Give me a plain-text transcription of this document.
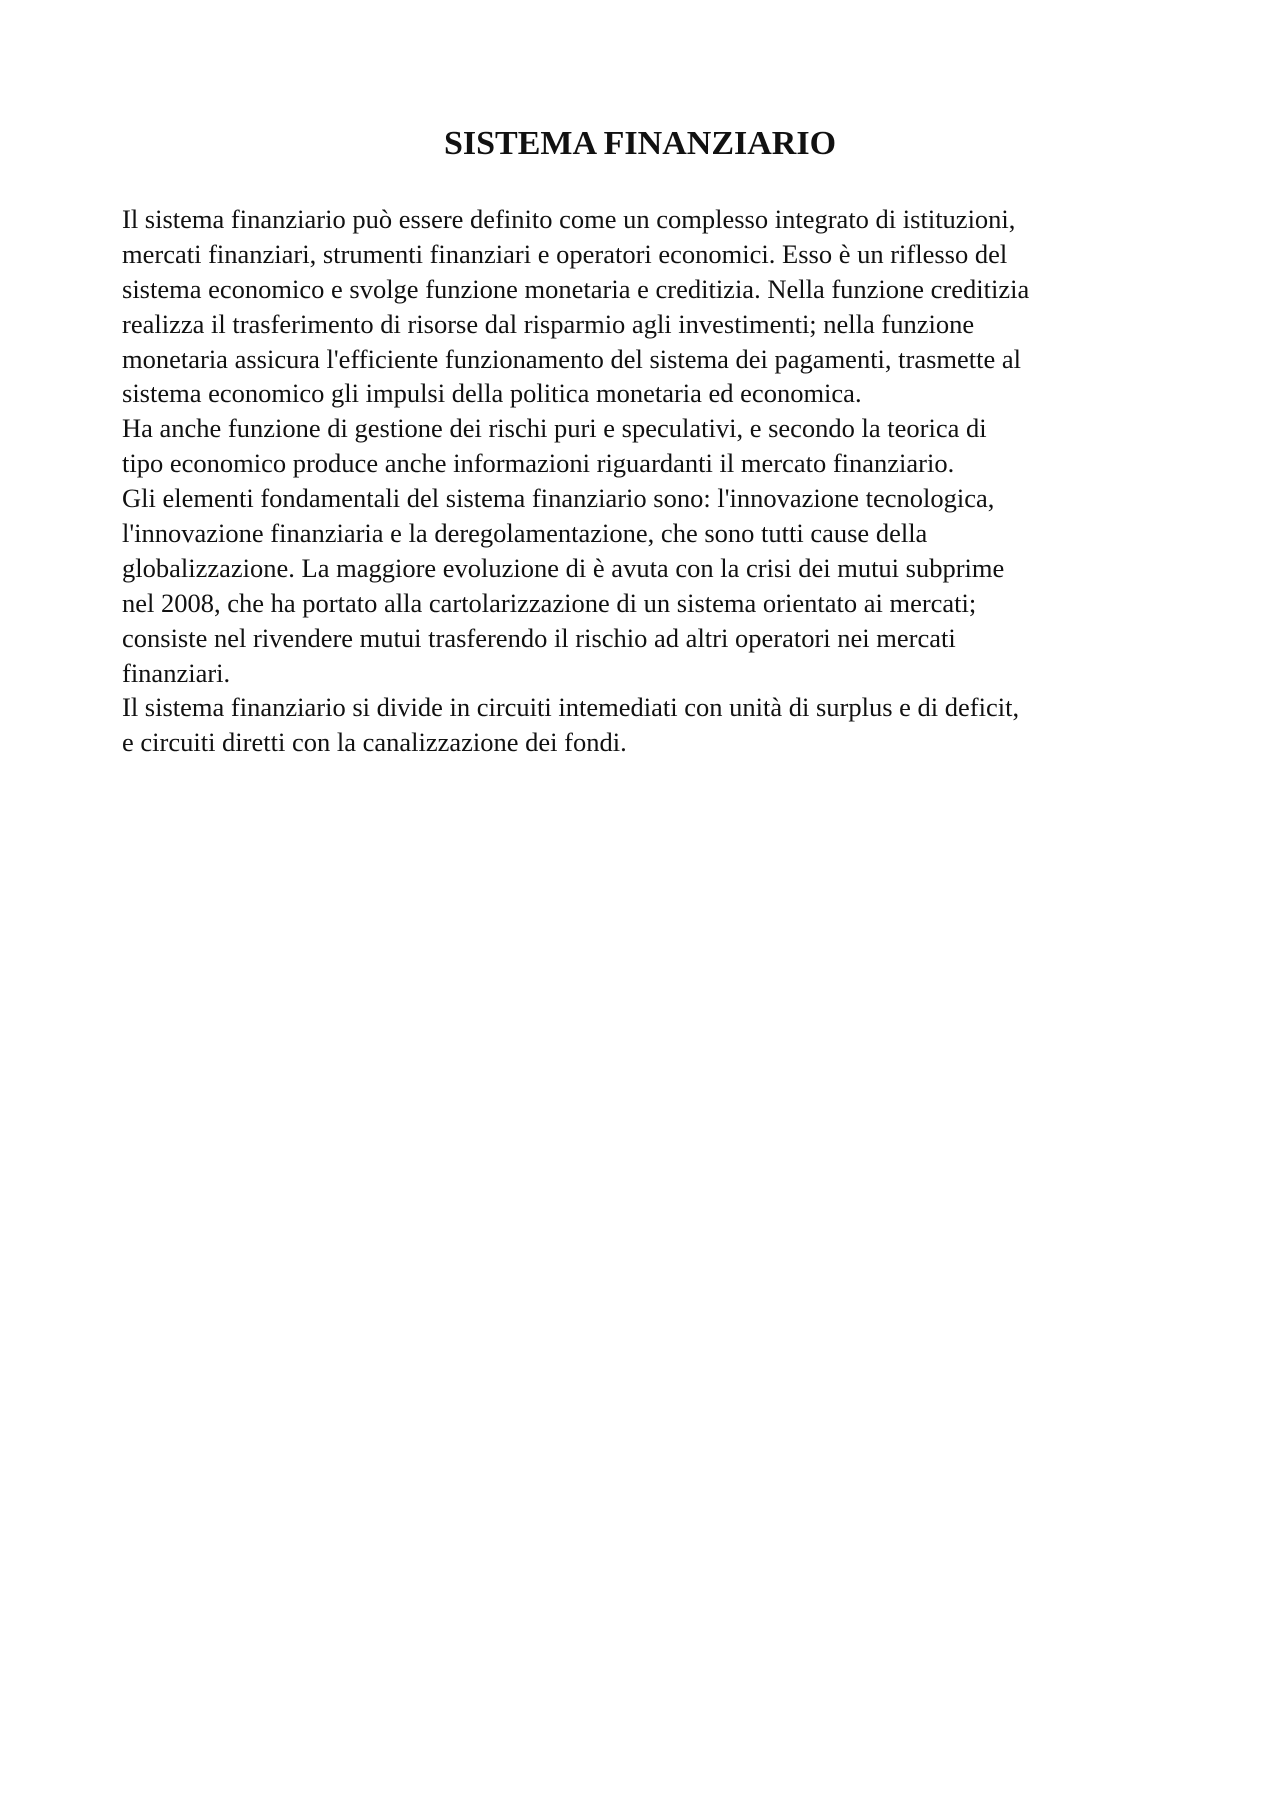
SISTEMA FINANZIARIO
Il sistema finanziario può essere definito come un complesso integrato di istituzioni,
mercati finanziari, strumenti finanziari e operatori economici. Esso è un riflesso del
sistema economico e svolge funzione monetaria e creditizia. Nella funzione creditizia
realizza il trasferimento di risorse dal risparmio agli investimenti; nella funzione
monetaria assicura l'efficiente funzionamento del sistema dei pagamenti, trasmette al
sistema economico gli impulsi della politica monetaria ed economica.
Ha anche funzione di gestione dei rischi puri e speculativi, e secondo la teorica di
tipo economico produce anche informazioni riguardanti il mercato finanziario.
Gli elementi fondamentali del sistema finanziario sono: l'innovazione tecnologica,
l'innovazione finanziaria e la deregolamentazione, che sono tutti cause della
globalizzazione. La maggiore evoluzione di è avuta con la crisi dei mutui subprime
nel 2008, che ha portato alla cartolarizzazione di un sistema orientato ai mercati;
consiste nel rivendere mutui trasferendo il rischio ad altri operatori nei mercati
finanziari.
Il sistema finanziario si divide in circuiti intemediati con unità di surplus e di deficit,
e circuiti diretti con la canalizzazione dei fondi.
